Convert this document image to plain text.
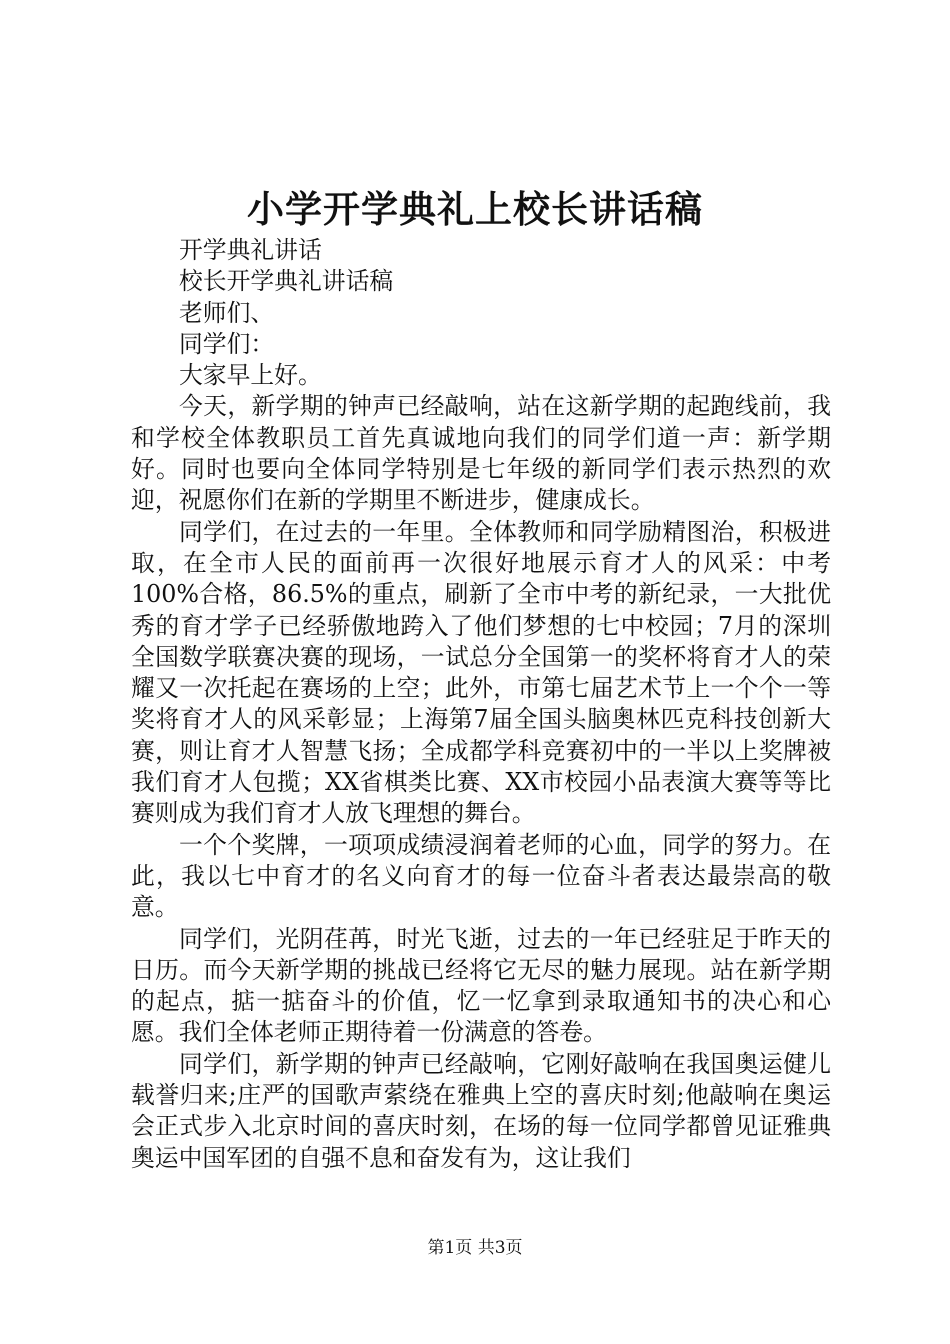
小学开学典礼上校长讲话稿

开学典礼讲话

校长开学典礼讲话稿

老师们、

同学们：

大家早上好。

今天，新学期的钟声已经敲响，站在这新学期的起跑线前，我和学校全体教职员工首先真诚地向我们的同学们道一声：新学期好。同时也要向全体同学特别是七年级的新同学们表示热烈的欢迎，祝愿你们在新的学期里不断进步，健康成长。

同学们，在过去的一年里。全体教师和同学励精图治，积极进取，在全市人民的面前再一次很好地展示育才人的风采：中考100%合格，86.5%的重点，刷新了全市中考的新纪录，一大批优秀的育才学子已经骄傲地跨入了他们梦想的七中校园；7月的深圳全国数学联赛决赛的现场，一试总分全国第一的奖杯将育才人的荣耀又一次托起在赛场的上空；此外，市第七届艺术节上一个个一等奖将育才人的风采彰显；上海第7届全国头脑奥林匹克科技创新大赛，则让育才人智慧飞扬；全成都学科竞赛初中的一半以上奖牌被我们育才人包揽；XX省棋类比赛、XX市校园小品表演大赛等等比赛则成为我们育才人放飞理想的舞台。

一个个奖牌，一项项成绩浸润着老师的心血，同学的努力。在此，我以七中育才的名义向育才的每一位奋斗者表达最崇高的敬意。

同学们，光阴荏苒，时光飞逝，过去的一年已经驻足于昨天的日历。而今天新学期的挑战已经将它无尽的魅力展现。站在新学期的起点，掂一掂奋斗的价值，忆一忆拿到录取通知书的决心和心愿。我们全体老师正期待着一份满意的答卷。

同学们，新学期的钟声已经敲响，它刚好敲响在我国奥运健儿载誉归来;庄严的国歌声萦绕在雅典上空的喜庆时刻;他敲响在奥运会正式步入北京时间的喜庆时刻，在场的每一位同学都曾见证雅典奥运中国军团的自强不息和奋发有为，这让我们

第1页 共3页
